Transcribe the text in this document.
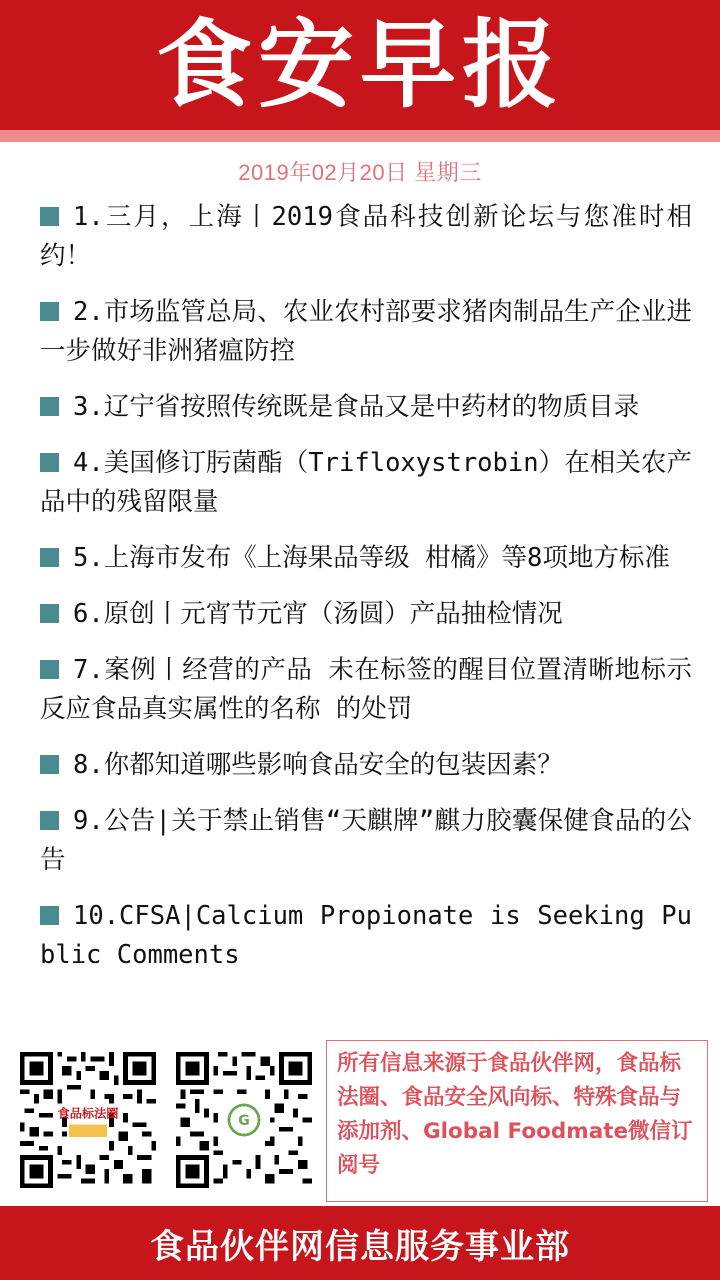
食安早报
2019年02月20日 星期三
1.三月，上海丨2019食品科技创新论坛与您准时相约！
2.市场监管总局、农业农村部要求猪肉制品生产企业进一步做好非洲猪瘟防控
3.辽宁省按照传统既是食品又是中药材的物质目录
4.美国修订肟菌酯（Trifloxystrobin）在相关农产品中的残留限量
5.上海市发布《上海果品等级 柑橘》等8项地方标准
6.原创丨元宵节元宵（汤圆）产品抽检情况
7.案例丨经营的产品 未在标签的醒目位置清晰地标示反应食品真实属性的名称 的处罚
8.你都知道哪些影响食品安全的包装因素？
9.公告|关于禁止销售“天麒牌”麒力胶囊保健食品的公告
10.CFSA|Calcium Propionate is Seeking Public Comments
食品标法圈	G
所有信息来源于食品伙伴网，食品标法圈、食品安全风向标、特殊食品与添加剂、Global Foodmate微信订阅号
食品伙伴网信息服务事业部
